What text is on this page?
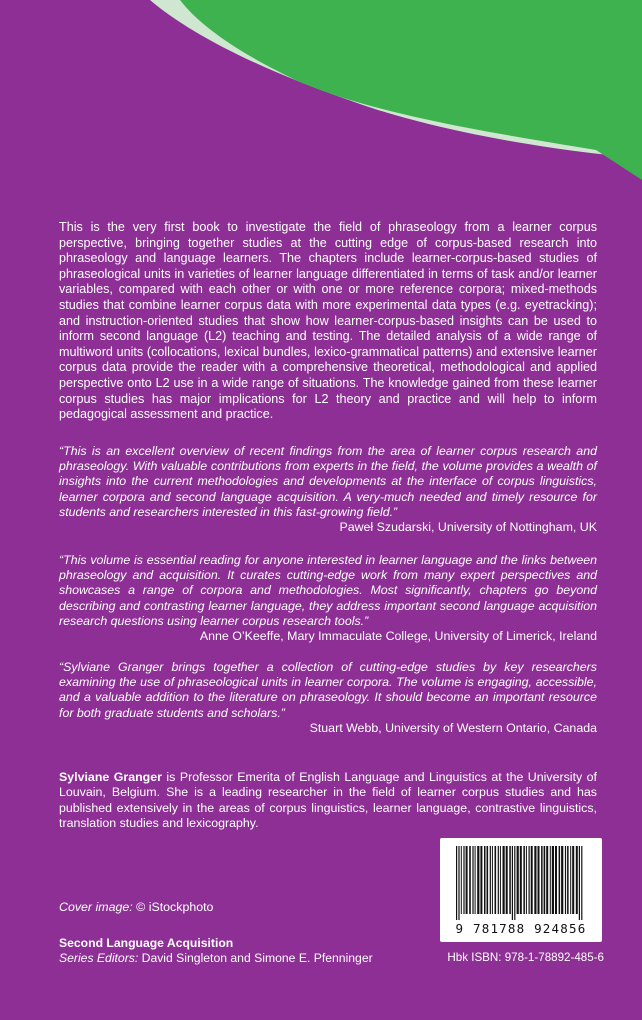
This is the very first book to investigate the field of phraseology from a learner corpus perspective, bringing together studies at the cutting edge of corpus-based research into phraseology and language learners. The chapters include learner-corpus-based studies of phraseological units in varieties of learner language differentiated in terms of task and/or learner variables, compared with each other or with one or more reference corpora; mixed-methods studies that combine learner corpus data with more experimental data types (e.g. eyetracking); and instruction-oriented studies that show how learner-corpus-based insights can be used to inform second language (L2) teaching and testing. The detailed analysis of a wide range of multiword units (collocations, lexical bundles, lexico-grammatical patterns) and extensive learner corpus data provide the reader with a comprehensive theoretical, methodological and applied perspective onto L2 use in a wide range of situations. The knowledge gained from these learner corpus studies has major implications for L2 theory and practice and will help to inform pedagogical assessment and practice.

“This is an excellent overview of recent findings from the area of learner corpus research and phraseology. With valuable contributions from experts in the field, the volume provides a wealth of insights into the current methodologies and developments at the interface of corpus linguistics, learner corpora and second language acquisition. A very-much needed and timely resource for students and researchers interested in this fast-growing field.”

Paweł Szudarski, University of Nottingham, UK

“This volume is essential reading for anyone interested in learner language and the links between phraseology and acquisition. It curates cutting-edge work from many expert perspectives and showcases a range of corpora and methodologies. Most significantly, chapters go beyond describing and contrasting learner language, they address important second language acquisition research questions using learner corpus research tools.”

Anne O’Keeffe, Mary Immaculate College, University of Limerick, Ireland

“Sylviane Granger brings together a collection of cutting-edge studies by key researchers examining the use of phraseological units in learner corpora. The volume is engaging, accessible, and a valuable addition to the literature on phraseology. It should become an important resource for both graduate students and scholars.”

Stuart Webb, University of Western Ontario, Canada

Sylviane Granger is Professor Emerita of English Language and Linguistics at the University of Louvain, Belgium. She is a leading researcher in the field of learner corpus studies and has published extensively in the areas of corpus linguistics, learner language, contrastive linguistics, translation studies and lexicography.

9 781788 924856
Cover image: © iStockphoto
Second Language Acquisition
Series Editors: David Singleton and Simone E. Pfenninger	Hbk ISBN: 978-1-78892-485-6
